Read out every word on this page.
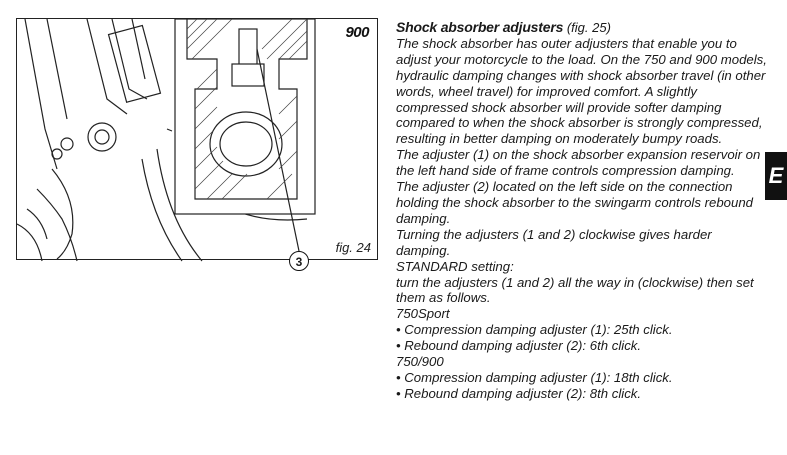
900
3
fig. 24

Shock absorber adjusters (fig. 25)

The shock absorber has outer adjusters that enable you to adjust your motorcycle to the load. On the 750 and 900 models, hydraulic damping changes with shock absorber travel (in other words, wheel travel) for improved comfort. A slightly compressed shock absorber will provide softer damping compared to when the shock absorber is strongly compressed, resulting in better damping on moderately bumpy roads.

The adjuster (1) on the shock absorber expansion reservoir on the left hand side of frame controls compression damping.

The adjuster (2) located on the left side on the connection holding the shock absorber to the swingarm controls rebound damping.

Turning the adjusters (1 and 2) clockwise gives harder damping.

STANDARD setting:

turn the adjusters (1 and 2) all the way in (clockwise) then set them as follows.

750Sport

• Compression damping adjuster (1): 25th click.

• Rebound damping adjuster (2): 6th click.

750/900

• Compression damping adjuster (1): 18th click.

• Rebound damping adjuster (2): 8th click.

E
